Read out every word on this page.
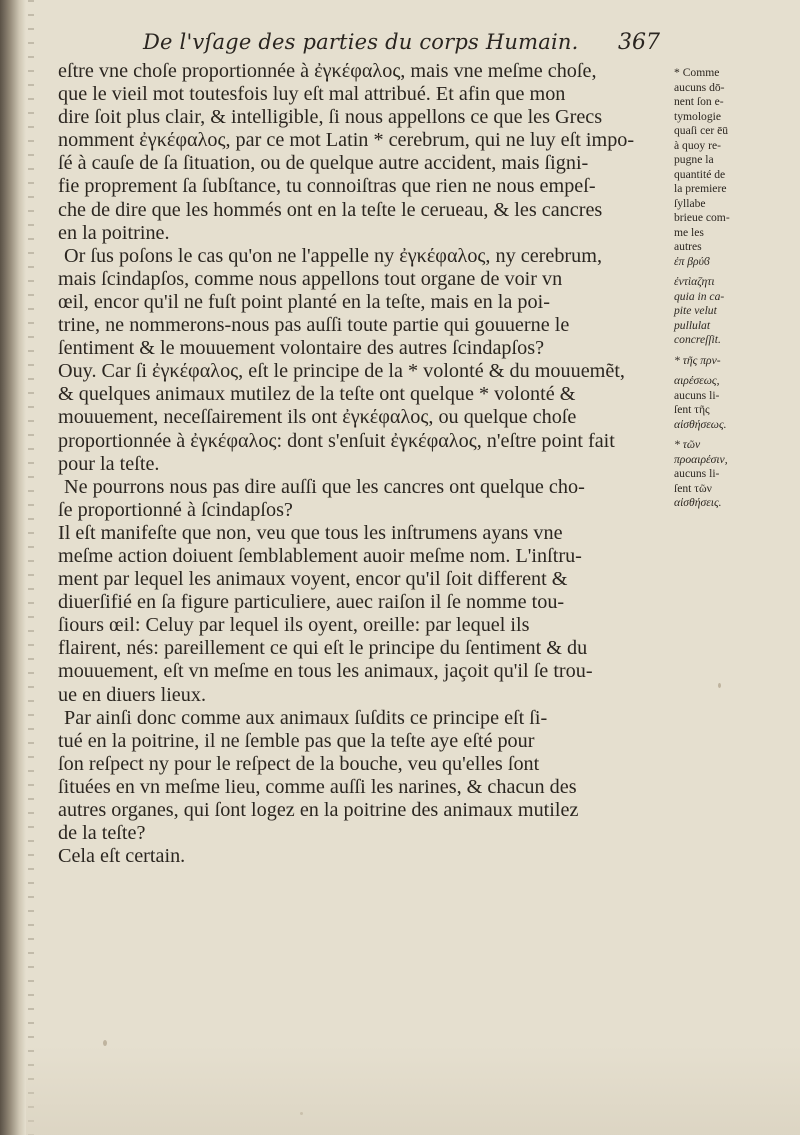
De l'vſage des parties du corps Humain. 367

eſtre vne choſe proportionnée à ἐγκέφαλος, mais vne meſme choſe,

que le vieil mot toutesfois luy eſt mal attribué. Et afin que mon

dire ſoit plus clair, & intelligible, ſi nous appellons ce que les Grecs

nomment ἐγκέφαλος, par ce mot Latin * cerebrum, qui ne luy eſt impo-

ſé à cauſe de ſa ſituation, ou de quelque autre accident, mais ſigni-

fie proprement ſa ſubſtance, tu connoiſtras que rien ne nous empeſ-

che de dire que les hommés ont en la teſte le cerueau, & les cancres

en la poitrine.

Or ſus poſons le cas qu'on ne l'appelle ny ἐγκέφαλος, ny cerebrum,

mais ſcindapſos, comme nous appellons tout organe de voir vn

œil, encor qu'il ne fuſt point planté en la teſte, mais en la poi-

trine, ne nommerons-nous pas auſſi toute partie qui gouuerne le

ſentiment & le mouuement volontaire des autres ſcindapſos?

Ouy. Car ſi ἐγκέφαλος, eſt le principe de la * volonté & du mouuemẽt,

& quelques animaux mutilez de la teſte ont quelque * volonté &

mouuement, neceſſairement ils ont ἐγκέφαλος, ou quelque choſe

proportionnée à ἐγκέφαλος: dont s'enſuit ἐγκέφαλος, n'eſtre point fait

pour la teſte.

Ne pourrons nous pas dire auſſi que les cancres ont quelque cho-

ſe proportionné à ſcindapſos?

Il eſt manifeſte que non, veu que tous les inſtrumens ayans vne

meſme action doiuent ſemblablement auoir meſme nom. L'inſtru-

ment par lequel les animaux voyent, encor qu'il ſoit different &

diuerſifié en ſa figure particuliere, auec raiſon il ſe nomme tou-

ſiours œil: Celuy par lequel ils oyent, oreille: par lequel ils

flairent, nés: pareillement ce qui eſt le principe du ſentiment & du

mouuement, eſt vn meſme en tous les animaux, jaçoit qu'il ſe trou-

ue en diuers lieux.

Par ainſi donc comme aux animaux ſuſdits ce principe eſt ſi-

tué en la poitrine, il ne ſemble pas que la teſte aye eſté pour

ſon reſpect ny pour le reſpect de la bouche, veu qu'elles ſont

ſituées en vn meſme lieu, comme auſſi les narines, & chacun des

autres organes, qui ſont logez en la poitrine des animaux mutilez

de la teſte?

Cela eſt certain.

* Comme
aucuns dō-
nent ſon e-
tymologie
quaſi cer ēū
à quoy re-
pugne la
quantité de
la premiere
ſyllabe
brieue com-
me les
autres
ἐπ βρύϐ
ἐντὶαζητι
quia in ca-
pite velut
pullulat
concreſſit.
* τῆς πρν-
αιρέσεως,
aucuns li-
ſent τῆς
αἰσθήσεως.
* τῶν
προαιρέσιν,
aucuns li-
ſent τῶν
αἰσθήσεις.
